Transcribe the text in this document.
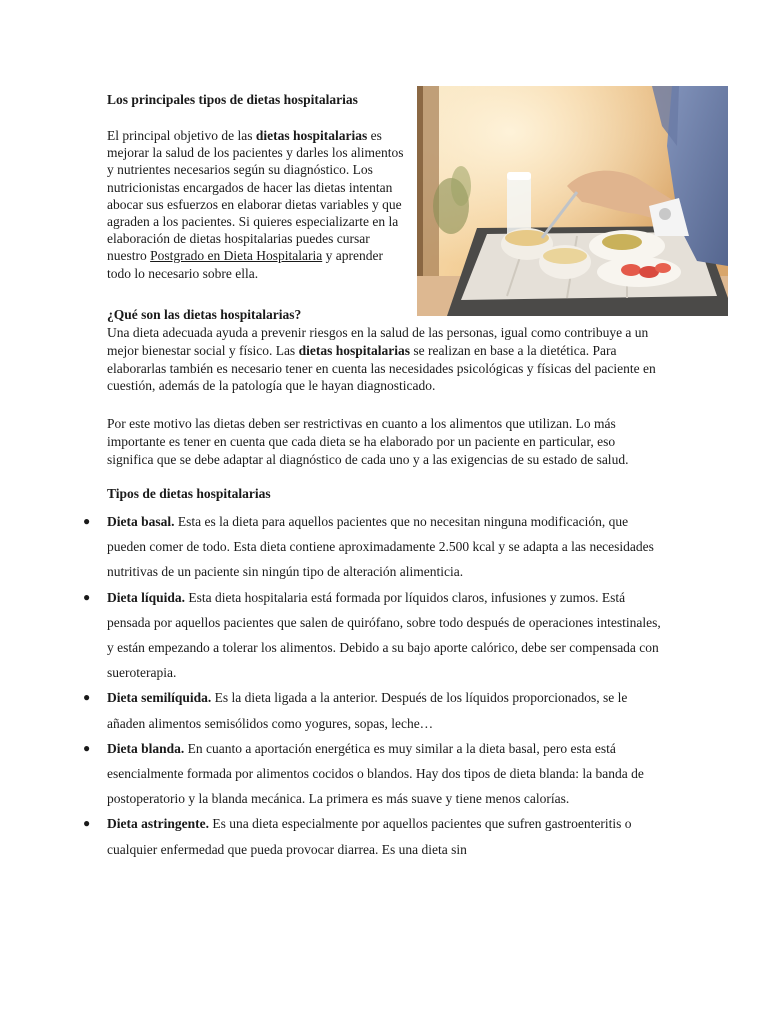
Los principales tipos de dietas hospitalarias

El principal objetivo de las dietas hospitalarias es mejorar la salud de los pacientes y darles los alimentos y nutrientes necesarios según su diagnóstico. Los nutricionistas encargados de hacer las dietas intentan abocar sus esfuerzos en elaborar dietas variables y que agraden a los pacientes. Si quieres especializarte en la elaboración de dietas hospitalarias puedes cursar nuestro Postgrado en Dieta Hospitalaria y aprender todo lo necesario sobre ella.

¿Qué son las dietas hospitalarias?

Una dieta adecuada ayuda a prevenir riesgos en la salud de las personas, igual como contribuye a un mejor bienestar social y físico. Las dietas hospitalarias se realizan en base a la dietética. Para elaborarlas también es necesario tener en cuenta las necesidades psicológicas y físicas del paciente en cuestión, además de la patología que le hayan diagnosticado.

Por este motivo las dietas deben ser restrictivas en cuanto a los alimentos que utilizan. Lo más importante es tener en cuenta que cada dieta se ha elaborado por un paciente en particular, eso significa que se debe adaptar al diagnóstico de cada uno y a las exigencias de su estado de salud.

Tipos de dietas hospitalarias

● Dieta basal. Esta es la dieta para aquellos pacientes que no necesitan ninguna modificación, que pueden comer de todo. Esta dieta contiene aproximadamente 2.500 kcal y se adapta a las necesidades nutritivas de un paciente sin ningún tipo de alteración alimenticia.
● Dieta líquida. Esta dieta hospitalaria está formada por líquidos claros, infusiones y zumos. Está pensada por aquellos pacientes que salen de quirófano, sobre todo después de operaciones intestinales, y están empezando a tolerar los alimentos. Debido a su bajo aporte calórico, debe ser compensada con sueroterapia.
● Dieta semilíquida. Es la dieta ligada a la anterior. Después de los líquidos proporcionados, se le añaden alimentos semisólidos como yogures, sopas, leche…
● Dieta blanda. En cuanto a aportación energética es muy similar a la dieta basal, pero esta está esencialmente formada por alimentos cocidos o blandos. Hay dos tipos de dieta blanda: la banda de postoperatorio y la blanda mecánica. La primera es más suave y tiene menos calorías.
● Dieta astringente. Es una dieta especialmente por aquellos pacientes que sufren gastroenteritis o cualquier enfermedad que pueda provocar diarrea. Es una dieta sin
